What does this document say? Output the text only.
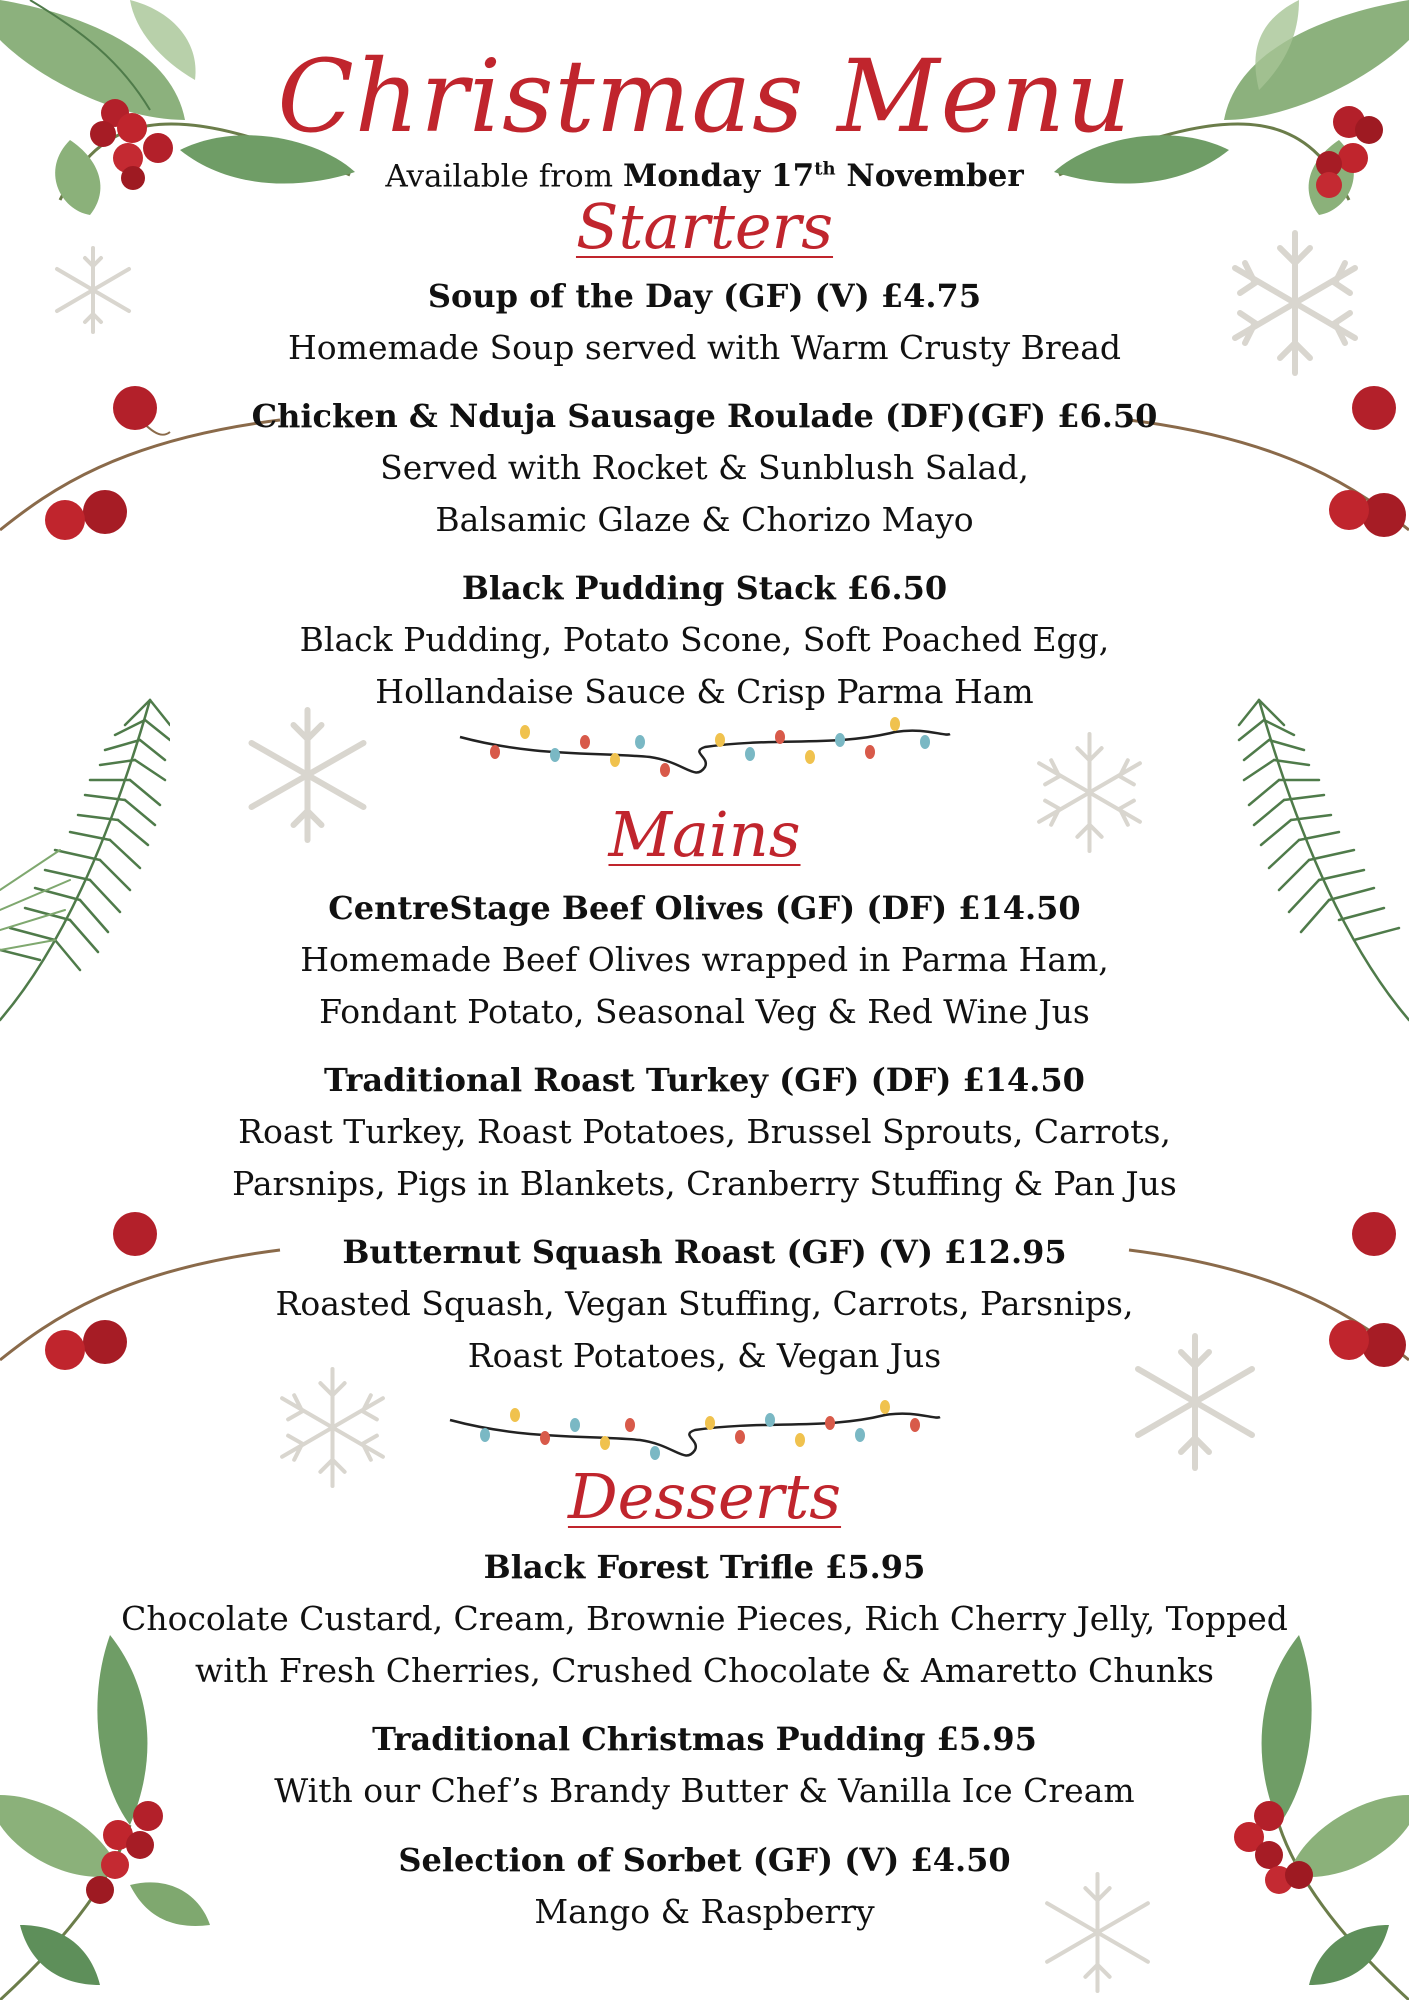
Christmas Menu
Available from Monday 17th November
Starters
Soup of the Day (GF) (V) £4.75
Homemade Soup served with Warm Crusty Bread
Chicken & Nduja Sausage Roulade (DF)(GF) £6.50
Served with Rocket & Sunblush Salad,
Balsamic Glaze & Chorizo Mayo
Black Pudding Stack £6.50
Black Pudding, Potato Scone, Soft Poached Egg,
Hollandaise Sauce & Crisp Parma Ham
Mains
CentreStage Beef Olives (GF) (DF) £14.50
Homemade Beef Olives wrapped in Parma Ham,
Fondant Potato, Seasonal Veg & Red Wine Jus
Traditional Roast Turkey (GF) (DF) £14.50
Roast Turkey, Roast Potatoes, Brussel Sprouts, Carrots,
Parsnips, Pigs in Blankets, Cranberry Stuffing & Pan Jus
Butternut Squash Roast (GF) (V) £12.95
Roasted Squash, Vegan Stuffing, Carrots, Parsnips,
Roast Potatoes, & Vegan Jus
Desserts
Black Forest Trifle £5.95
Chocolate Custard, Cream, Brownie Pieces, Rich Cherry Jelly, Topped
with Fresh Cherries, Crushed Chocolate & Amaretto Chunks
Traditional Christmas Pudding £5.95
With our Chef’s Brandy Butter & Vanilla Ice Cream
Selection of Sorbet (GF) (V) £4.50
Mango & Raspberry
